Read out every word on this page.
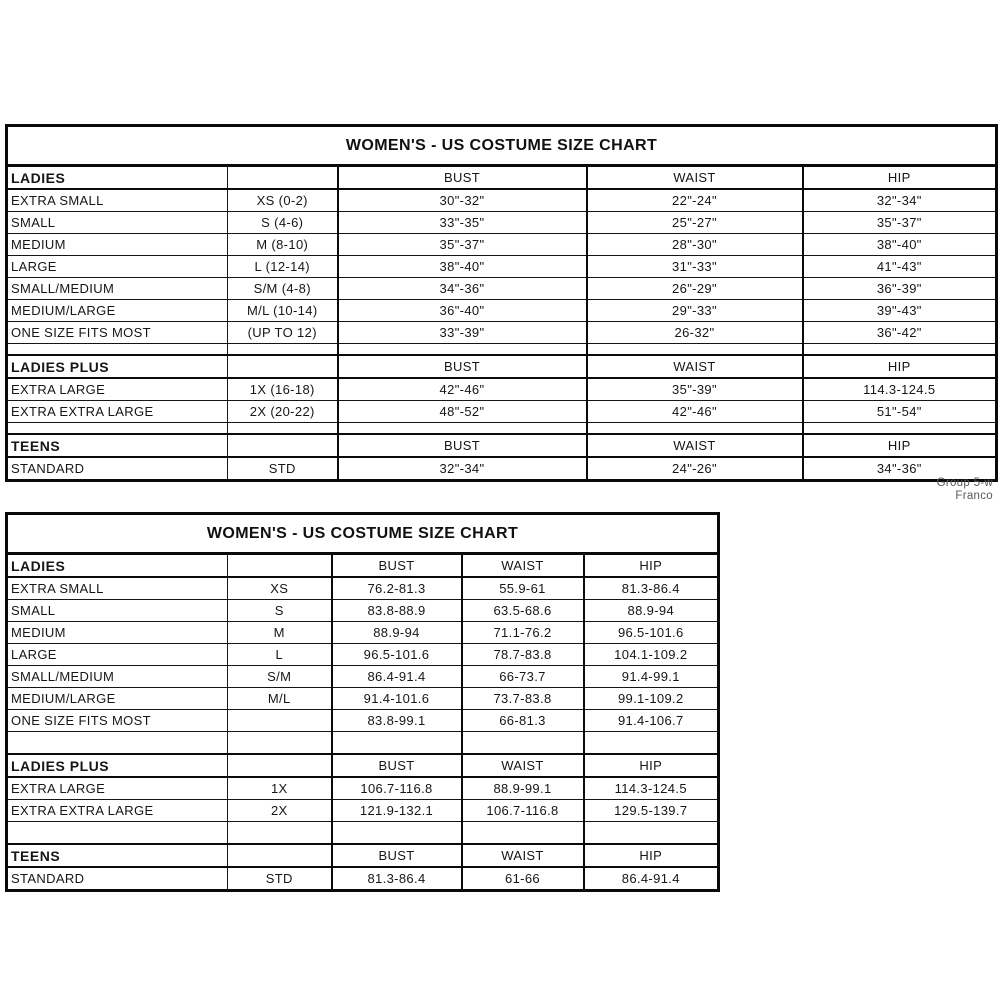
WOMEN'S - US COSTUME SIZE CHART				
LADIES		BUST	WAIST	HIP
EXTRA SMALL	XS (0-2)	30"-32"	22"-24"	32"-34"
SMALL	S (4-6)	33"-35"	25"-27"	35"-37"
MEDIUM	M (8-10)	35"-37"	28"-30"	38"-40"
LARGE	L (12-14)	38"-40"	31"-33"	41"-43"
SMALL/MEDIUM	S/M (4-8)	34"-36"	26"-29"	36"-39"
MEDIUM/LARGE	M/L (10-14)	36"-40"	29"-33"	39"-43"
ONE SIZE FITS MOST	(UP TO 12)	33"-39"	26-32"	36"-42"

LADIES PLUS		BUST	WAIST	HIP
EXTRA LARGE	1X (16-18)	42"-46"	35"-39"	114.3-124.5
EXTRA EXTRA LARGE	2X (20-22)	48"-52"	42"-46"	51"-54"

TEENS		BUST	WAIST	HIP
STANDARD	STD	32"-34"	24"-26"	34"-36"
Group 5-w
Franco
WOMEN'S - US COSTUME SIZE CHART				
LADIES		BUST	WAIST	HIP
EXTRA SMALL	XS	76.2-81.3	55.9-61	81.3-86.4
SMALL	S	83.8-88.9	63.5-68.6	88.9-94
MEDIUM	M	88.9-94	71.1-76.2	96.5-101.6
LARGE	L	96.5-101.6	78.7-83.8	104.1-109.2
SMALL/MEDIUM	S/M	86.4-91.4	66-73.7	91.4-99.1
MEDIUM/LARGE	M/L	91.4-101.6	73.7-83.8	99.1-109.2
ONE SIZE FITS MOST		83.8-99.1	66-81.3	91.4-106.7

LADIES PLUS		BUST	WAIST	HIP
EXTRA LARGE	1X	106.7-116.8	88.9-99.1	114.3-124.5
EXTRA EXTRA LARGE	2X	121.9-132.1	106.7-116.8	129.5-139.7

TEENS		BUST	WAIST	HIP
STANDARD	STD	81.3-86.4	61-66	86.4-91.4
